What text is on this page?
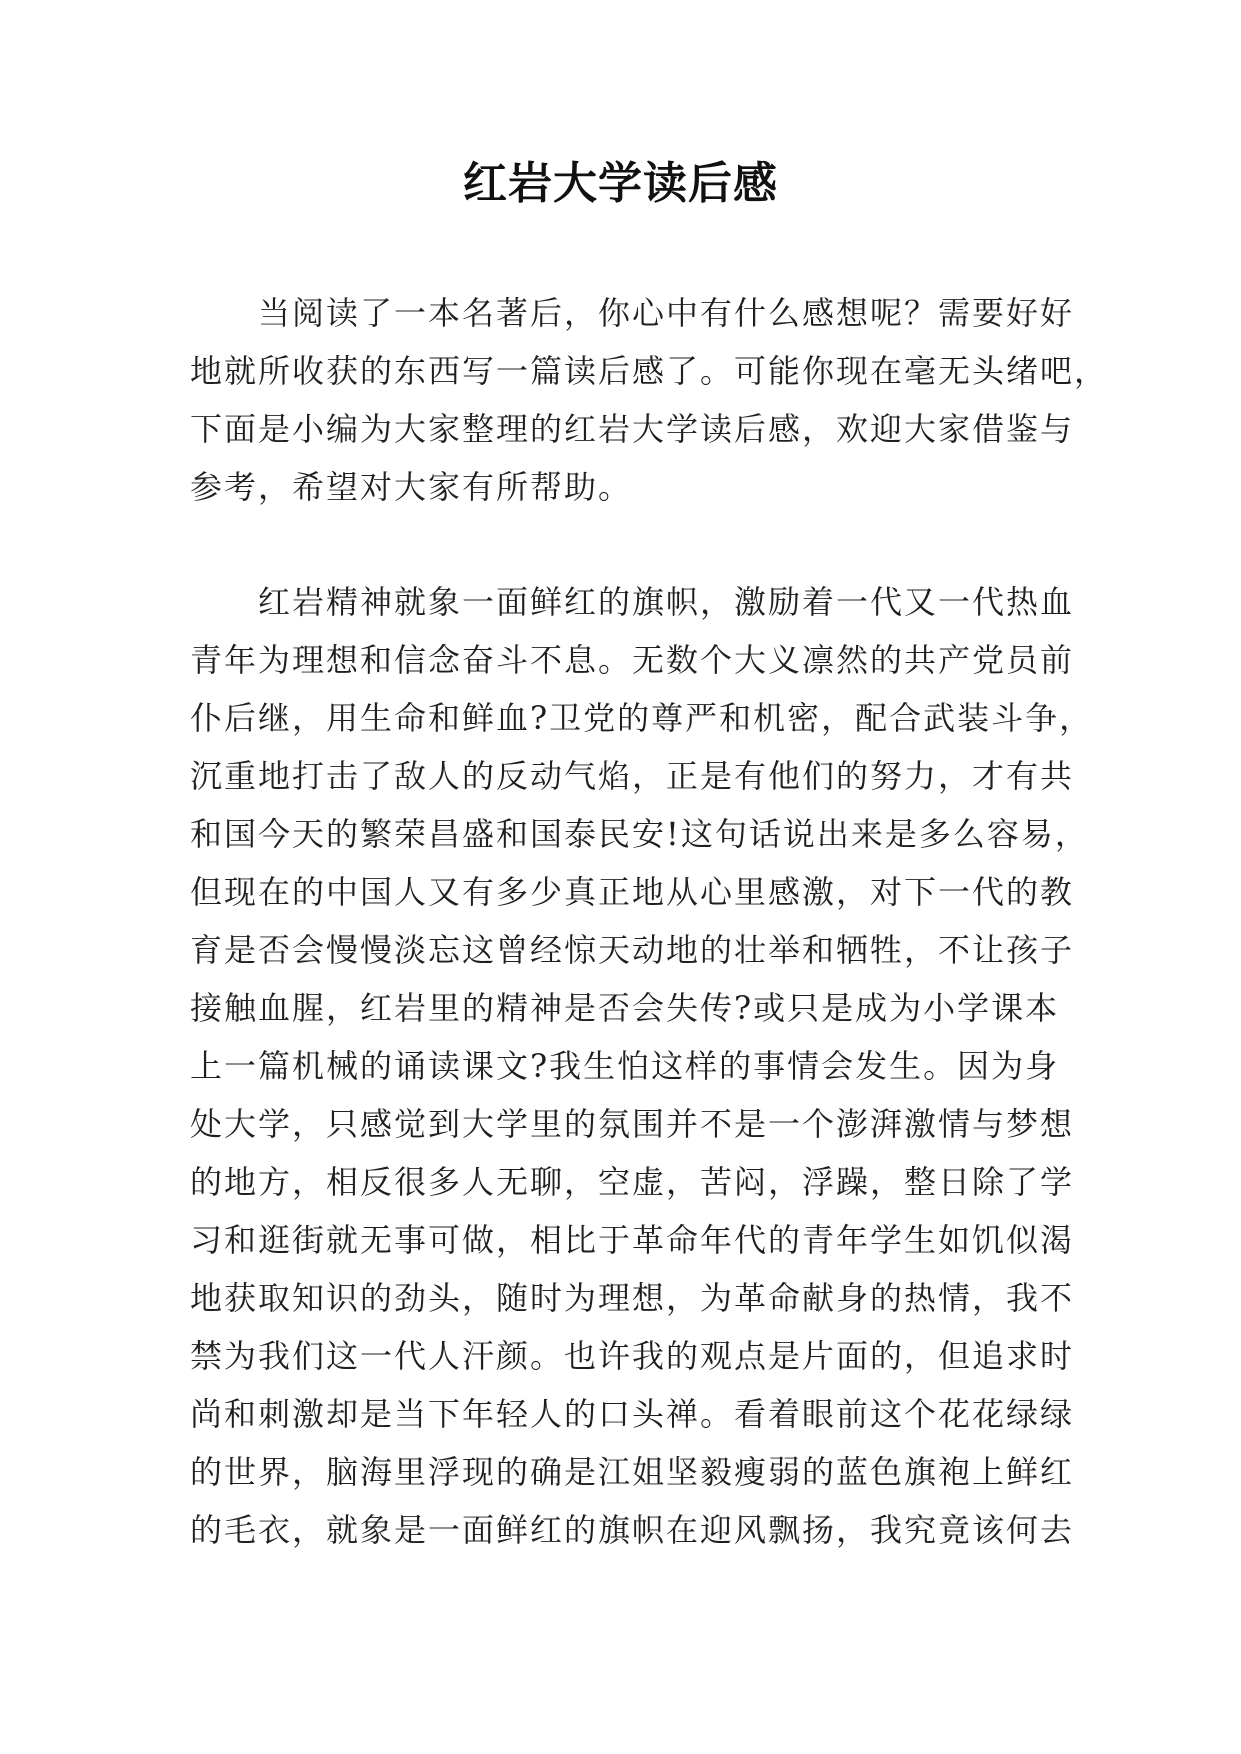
红岩大学读后感

当阅读了一本名著后，你心中有什么感想呢？需要好好
地就所收获的东西写一篇读后感了。可能你现在毫无头绪吧，
下面是小编为大家整理的红岩大学读后感，欢迎大家借鉴与
参考，希望对大家有所帮助。

红岩精神就象一面鲜红的旗帜，激励着一代又一代热血
青年为理想和信念奋斗不息。无数个大义凛然的共产党员前
仆后继，用生命和鲜血?卫党的尊严和机密，配合武装斗争，
沉重地打击了敌人的反动气焰，正是有他们的努力，才有共
和国今天的繁荣昌盛和国泰民安!这句话说出来是多么容易，
但现在的中国人又有多少真正地从心里感激，对下一代的教
育是否会慢慢淡忘这曾经惊天动地的壮举和牺牲，不让孩子
接触血腥，红岩里的精神是否会失传?或只是成为小学课本
上一篇机械的诵读课文?我生怕这样的事情会发生。因为身
处大学，只感觉到大学里的氛围并不是一个澎湃激情与梦想
的地方，相反很多人无聊，空虚，苦闷，浮躁，整日除了学
习和逛街就无事可做，相比于革命年代的青年学生如饥似渴
地获取知识的劲头，随时为理想，为革命献身的热情，我不
禁为我们这一代人汗颜。也许我的观点是片面的，但追求时
尚和刺激却是当下年轻人的口头禅。看着眼前这个花花绿绿
的世界，脑海里浮现的确是江姐坚毅瘦弱的蓝色旗袍上鲜红
的毛衣，就象是一面鲜红的旗帜在迎风飘扬，我究竟该何去
